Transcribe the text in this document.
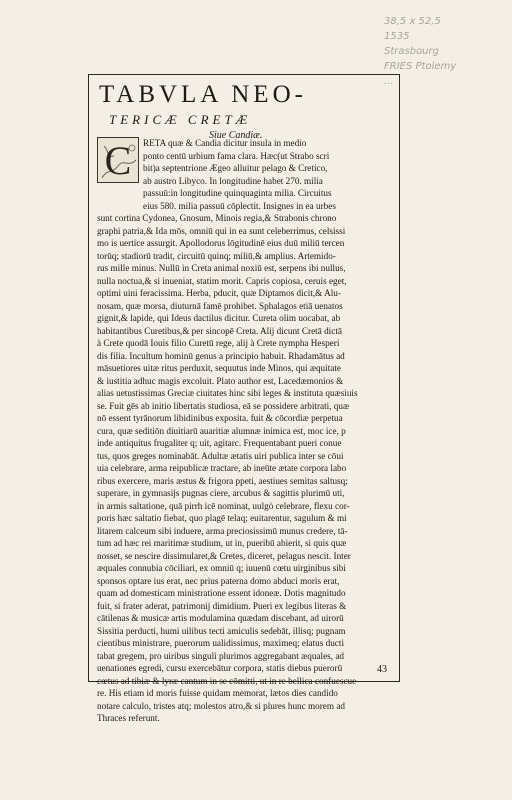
38,5 x 52,5
1535
Strasbourg
FRIES Ptolemy
...
TABVLA NEO-
TERICÆ CRETÆ
Siue Candiæ.
C	RETA quæ & Candia dicitur insula in medio
ponto centū urbium fama clara. Hæc(ut Strabo scri
bit)a septentrione Ægeo alluitur pelago & Cretico,
ab austro Libyco. In longitudine habet 270. milia
passuū:in longitudine quinquaginta milia. Circuitus
eius 580. milia passuū cōplectit. Insignes in ea urbes
sunt cortina Cydonea, Gnosum, Minois regia,& Strabonis chrono
graphi patria,& Ida mōs, omniū qui in ea sunt celeberrimus, celsissi
mo is uertice assurgit. Apollodorus lōgitudinē eius duū miliū tercen
torūq; stadiorū tradit, circuitū quinq; miliū,& amplius. Artemido-
rus mille minus. Nullū in Creta animal noxiū est, serpens ibi nullus,
nulla noctua,& si inueniat, statim morit. Capris copiosa, ceruis eget,
optimi uini feracissima. Herba, pducit, quæ Diptamos dicit,& Alu-
nosam, quæ morsa, diuturnā famē prohibet. Sphalagos etiā uenatos
gignit,& lapide, qui Ideus dactilus dicitur. Cureta olim uocabat, ab
habitantibus Curetibus,& per sincopē Creta. Alij dicunt Cretā dictā
à Crete quodā Iouis filio Curetū rege, alij à Crete nympha Hesperi
dis filia. Incultum hominū genus a principio habuit. Rhadamātus ad
māsuetiores uitæ ritus perduxit, sequutus inde Minos, qui æquitate
& iustitia adhuc magis excoluit. Plato author est, Lacedæmonios &
alias uetustissimas Greciæ ciuitates hinc sibi leges & instituta quæsiuis
se. Fuit gēs ab initio libertatis studiosa, eā se possidere arbitrati, quæ
nō essent tyrānorum libidinibus exposita. fuit & cōcordiæ perpetua
cura, quæ seditiōn diuitiarū auaritiæ alumnæ inimica est, moc ice, p
inde antiquitus frugaliter q; uit, agitarc. Frequentabant pueri conue
tus, quos greges nominabāt. Adultæ ætatis uiri publica inter se cōui
uia celebrare, arma reipublicæ tractare, ab ineūte ætate corpora labo
ribus exercere, maris æstus & frigora ppeti, aestiues semitas saltusq;
superare, in gymnasijs pugnas ciere, arcubus & sagittis plurimū uti,
in armis saltatione, quā pirrh icē nominat, uulgò celebrare, flexu cor-
poris hæc saltatio fiebat, quo plagē telaq; euitarentur, sagulum & mi
litarem calceum sibi induere, arma preciosissimū munus credere, tā-
tum ad hæc rei maritimæ studium, ut in, pueribū abierit, si quis quæ
nosset, se nescire dissimularet,& Cretes, diceret, pelagus nescit. Inter
æquales connubia cōciliari, ex omniū q; iuuenū cœtu uirginibus sibi
sponsos optare ius erat, nec prius paterna domo abduci moris erat,
quam ad domesticam ministratione essent idoneæ. Dotis magnitudo
fuit, si frater aderat, patrimonij dimidium. Pueri ex legibus literas &
cātilenas & musicæ artis modulamina quædam discebant, ad uirorū
Sissitia perducti, humi uilibus tecti amiculis sedebāt, illisq; pugnam
cientibus ministrare, puerorum ualidissimus, maximeq; elatus ducti
tabat gregem, pro uiribus singuli plurimos aggregabant æquales, ad
uenationes egredi, cursu exercebātur corpora, statis diebus puerorū
cœtus ad tibiæ & lyræ cantum in se cōmitti, ut in re bellica confuescue
re. His etiam id moris fuisse quidam memorat, lætos dies candido
notare calculo, tristes atq; molestos atro,& si plures hunc morem ad
Thraces referunt.
43
